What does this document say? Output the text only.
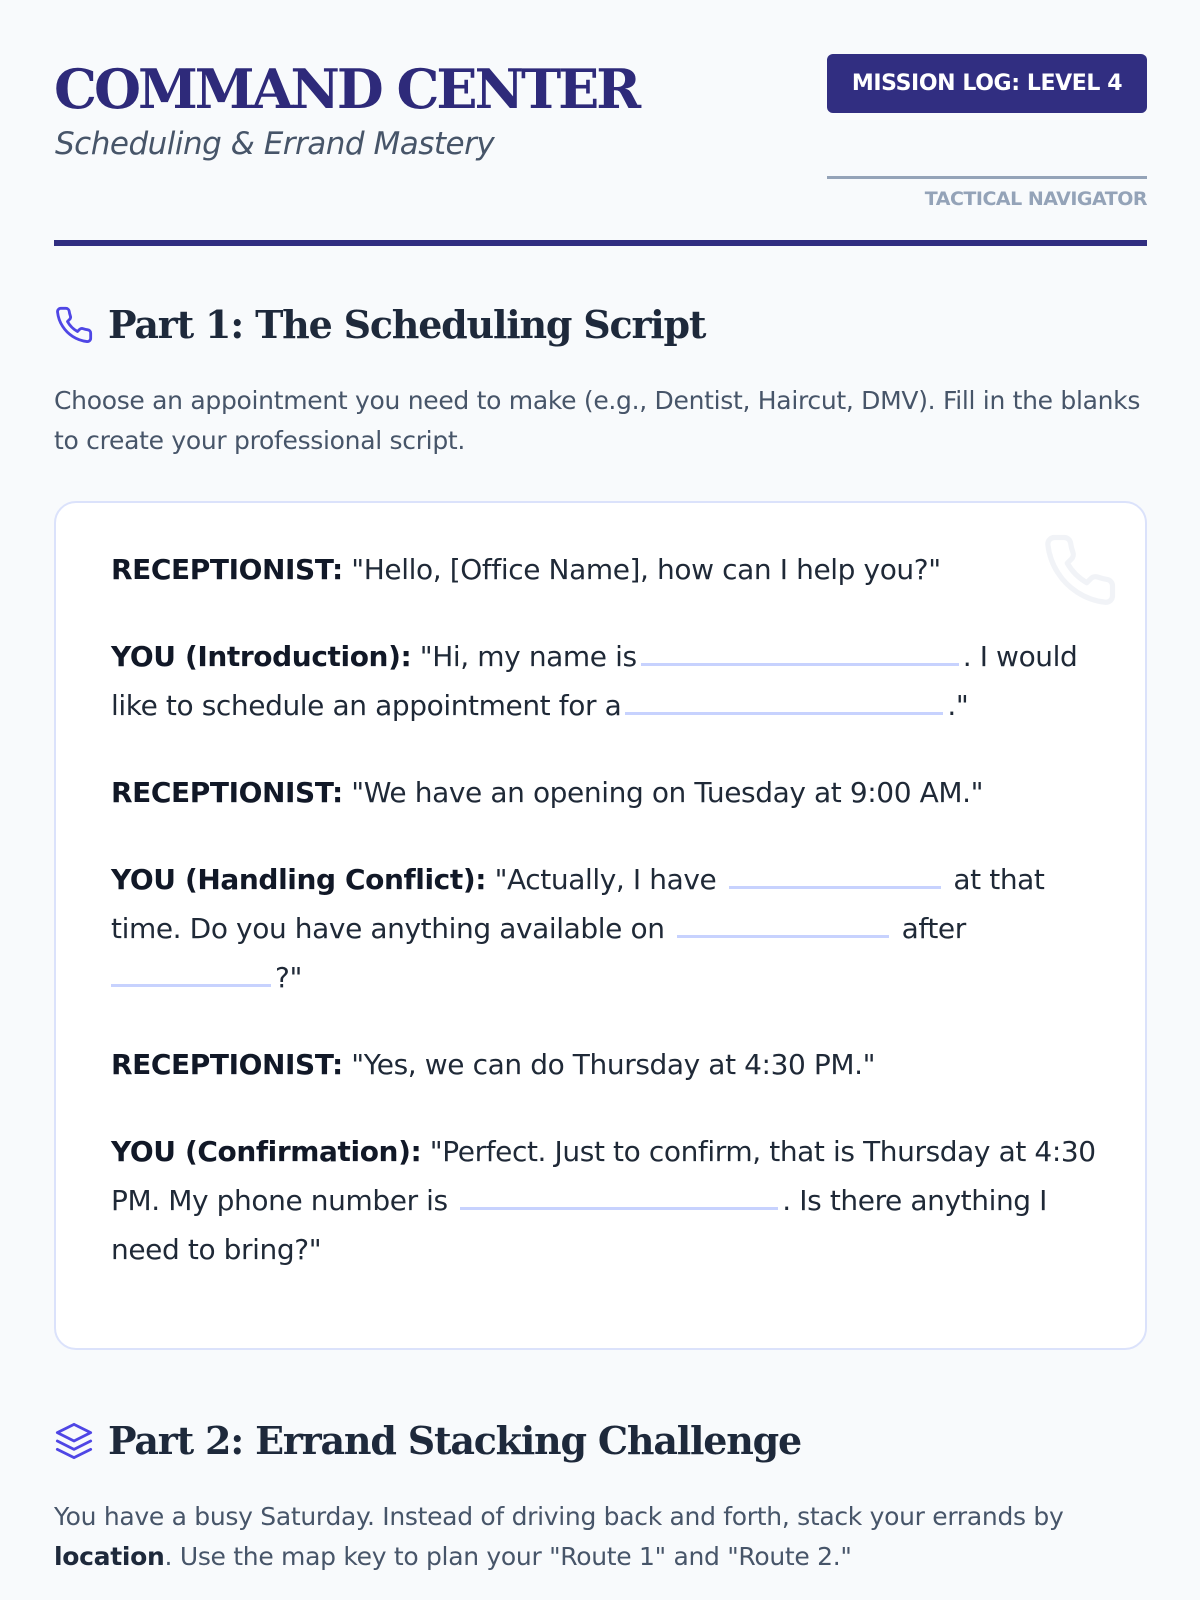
COMMAND CENTER
Scheduling & Errand Mastery
MISSION LOG: LEVEL 4
TACTICAL NAVIGATOR
Part 1: The Scheduling Script

Choose an appointment you need to make (e.g., Dentist, Haircut, DMV). Fill in the blanks to create your professional script.

RECEPTIONIST: "Hello, [Office Name], how can I help you?"

YOU (Introduction): "Hi, my name is	. I would like to schedule an appointment for a	."

RECEPTIONIST: "We have an opening on Tuesday at 9:00 AM."

YOU (Handling Conflict): "Actually, I have	at that time. Do you have anything available on	after ?"

RECEPTIONIST: "Yes, we can do Thursday at 4:30 PM."

YOU (Confirmation): "Perfect. Just to confirm, that is Thursday at 4:30 PM. My phone number is	. Is there anything I need to bring?"

Part 2: Errand Stacking Challenge

You have a busy Saturday. Instead of driving back and forth, stack your errands by location. Use the map key to plan your "Route 1" and "Route 2."
